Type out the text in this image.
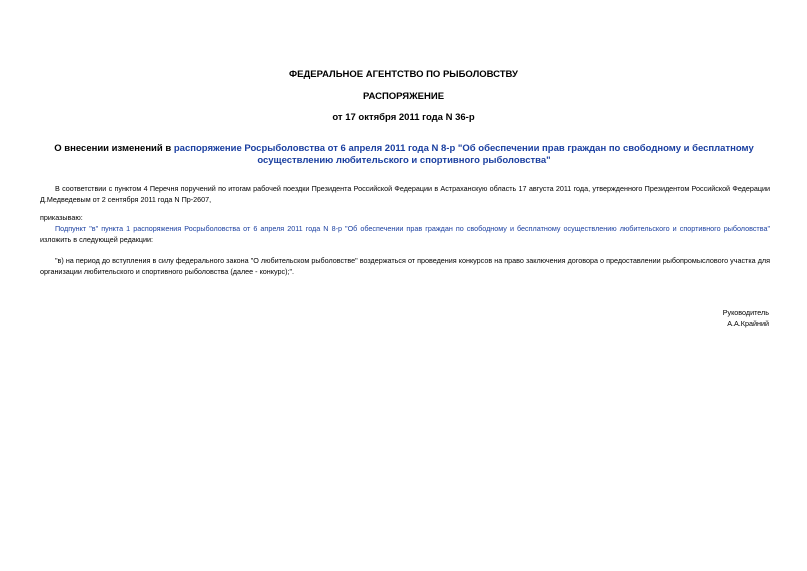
ФЕДЕРАЛЬНОЕ АГЕНТСТВО ПО РЫБОЛОВСТВУ

РАСПОРЯЖЕНИЕ

от 17 октября 2011 года N 36-р

О внесении изменений в распоряжение Росрыболовства от 6 апреля 2011 года N 8-р "Об обеспечении прав граждан по свободному и бесплатному осуществлению любительского и спортивного рыболовства"

В соответствии с пунктом 4 Перечня поручений по итогам рабочей поездки Президента Российской Федерации в Астраханскую область 17 августа 2011 года, утвержденного Президентом Российской Федерации Д.Медведевым от 2 сентября 2011 года N Пр-2607,

приказываю:

Подпункт "в" пункта 1 распоряжения Росрыболовства от 6 апреля 2011 года N 8-р "Об обеспечении прав граждан по свободному и бесплатному осуществлению любительского и спортивного рыболовства" изложить в следующей редакции:

"в) на период до вступления в силу федерального закона "О любительском рыболовстве" воздержаться от проведения конкурсов на право заключения договора о предоставлении рыбопромыслового участка для организации любительского и спортивного рыболовства (далее - конкурс);".

Руководитель
А.А.Крайний
